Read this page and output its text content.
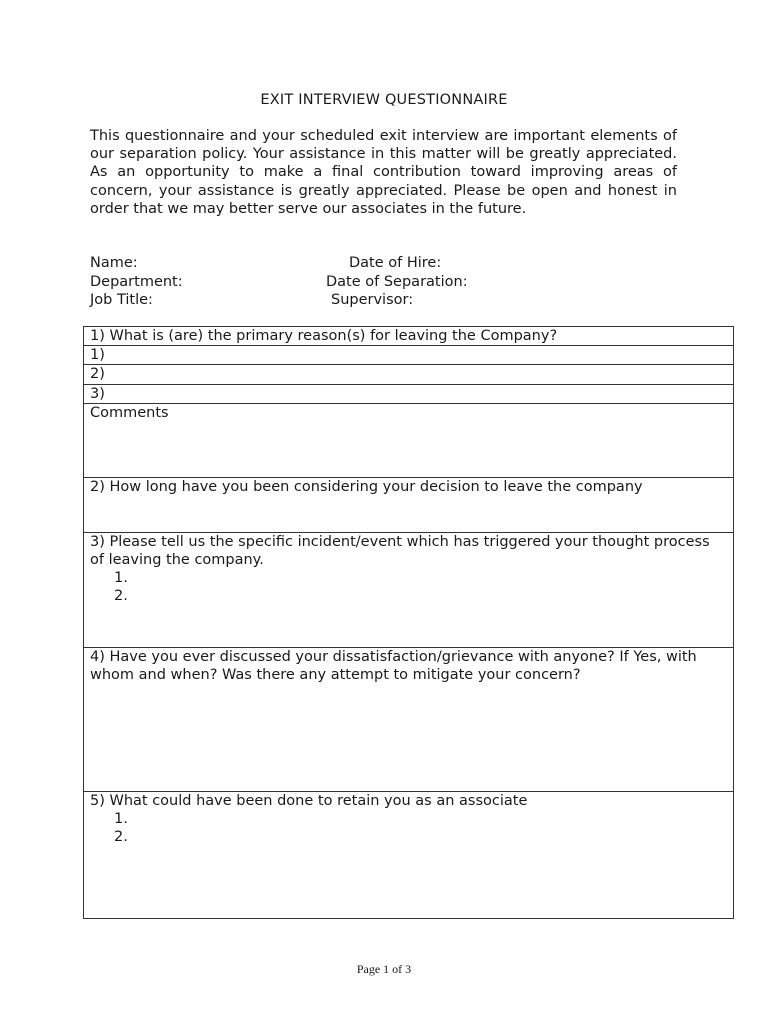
EXIT INTERVIEW QUESTIONNAIRE
This questionnaire and your scheduled exit interview are important elements of our separation policy. Your assistance in this matter will be greatly appreciated. As an opportunity to make a final contribution toward improving areas of concern, your assistance is greatly appreciated. Please be open and honest in order that we may better serve our associates in the future.
Name:	Date of Hire:
Department:	Date of Separation:
Job Title:	Supervisor:
1) What is (are) the primary reason(s) for leaving the Company?
1)
2)
3)
Comments
2) How long have you been considering your decision to leave the company

3) Please tell us the specific incident/event which has triggered your thought process of leaving the company.
1.
2.

4) Have you ever discussed your dissatisfaction/grievance with anyone? If Yes, with whom and when? Was there any attempt to mitigate your concern?

5) What could have been done to retain you as an associate
1.
2.
Page 1 of 3
